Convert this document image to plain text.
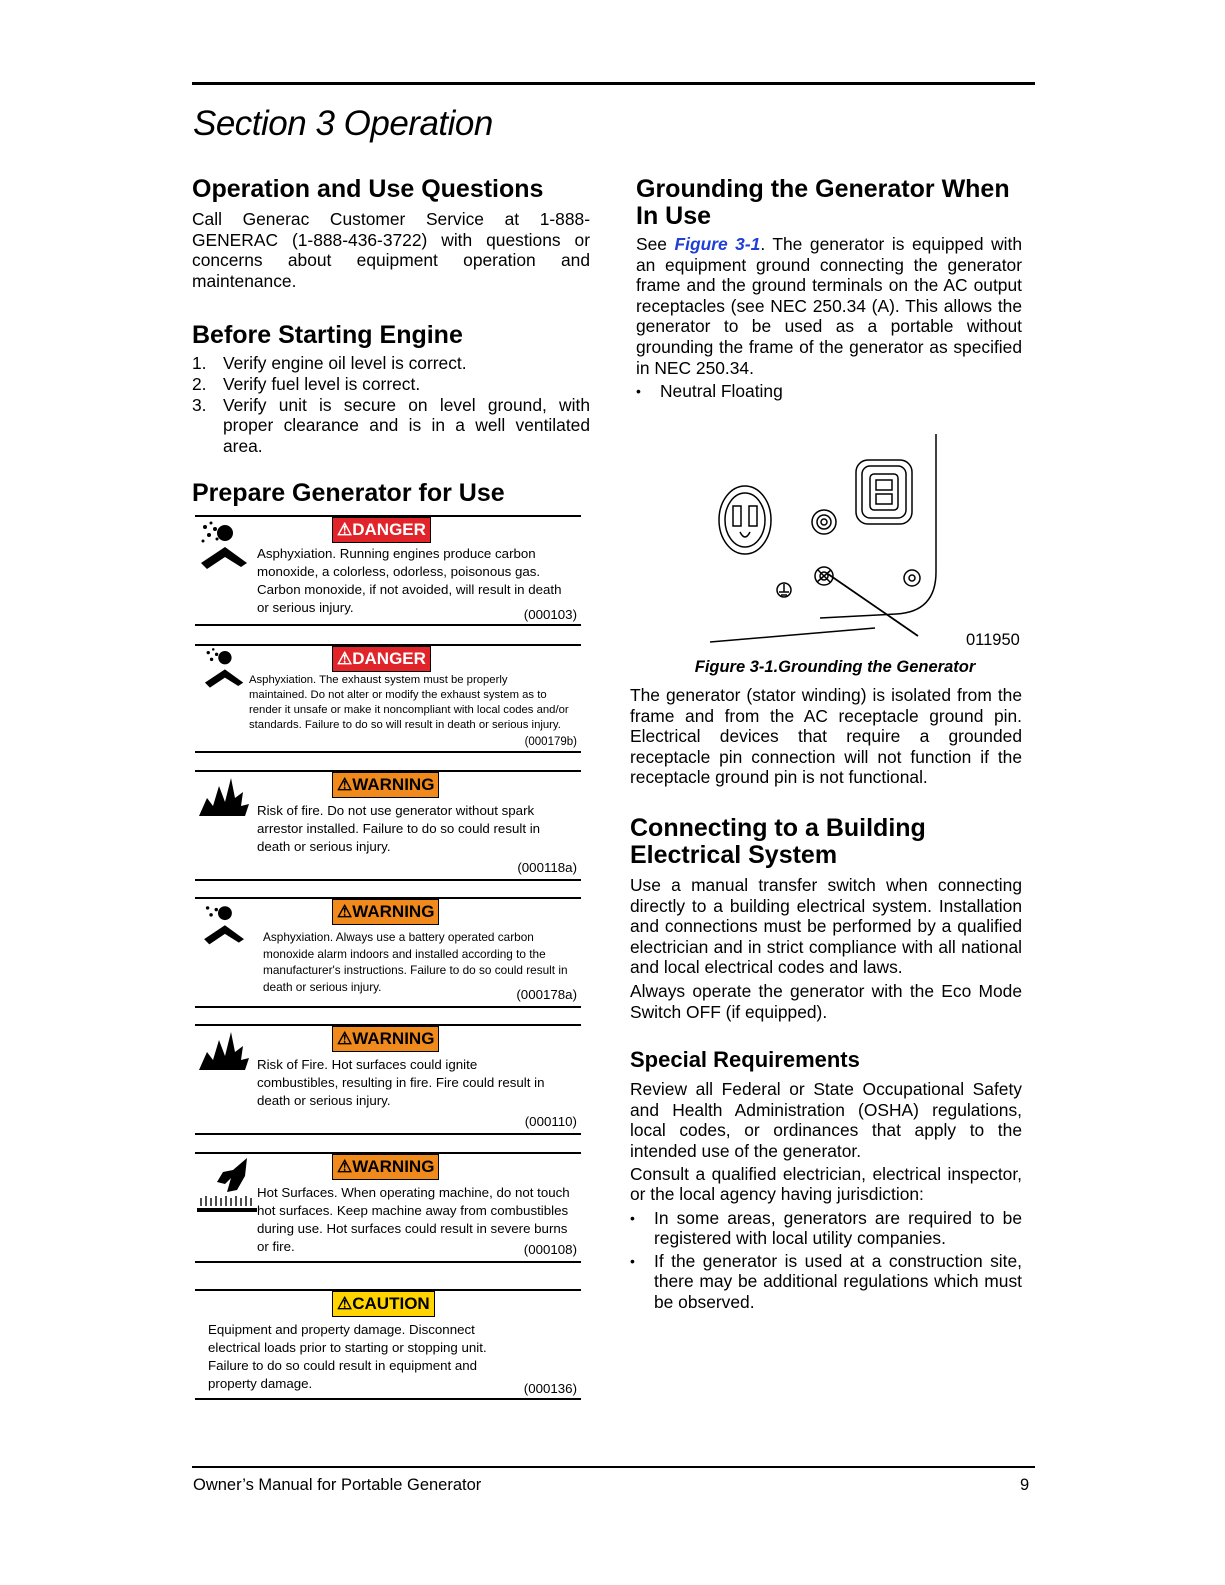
Section 3 Operation
Operation and Use Questions

Call Generac Customer Service at 1-888-GENERAC (1-888-436-3722) with questions or concerns about equipment operation and maintenance.

Before Starting Engine
1. Verify engine oil level is correct.
2. Verify fuel level is correct.
3. Verify unit is secure on level ground, with proper clearance and is in a well ventilated area.
Prepare Generator for Use
⚠DANGER
Asphyxiation. Running engines produce carbon monoxide, a colorless, odorless, poisonous gas. Carbon monoxide, if not avoided, will result in death or serious injury.	(000103)
⚠DANGER
Asphyxiation. The exhaust system must be properly maintained. Do not alter or modify the exhaust system as to render it unsafe or make it noncompliant with local codes and/or standards. Failure to do so will result in death or serious injury.
(000179b)
⚠WARNING
Risk of fire. Do not use generator without spark arrestor installed. Failure to do so could result in death or serious injury.
(000118a)
⚠WARNING
Asphyxiation. Always use a battery operated carbon monoxide alarm indoors and installed according to the manufacturer's instructions. Failure to do so could result in death or serious injury.
(000178a)
⚠WARNING
Risk of Fire. Hot surfaces could ignite combustibles, resulting in fire. Fire could result in death or serious injury.
(000110)
⚠WARNING
Hot Surfaces. When operating machine, do not touch hot surfaces. Keep machine away from combustibles during use. Hot surfaces could result in severe burns or fire.	(000108)
⚠CAUTION
Equipment and property damage. Disconnect electrical loads prior to starting or stopping unit. Failure to do so could result in equipment and property damage.	(000136)
Grounding the Generator When In Use

See Figure 3-1. The generator is equipped with an equipment ground connecting the generator frame and the ground terminals on the AC output receptacles (see NEC 250.34 (A). This allows the generator to be used as a portable without grounding the frame of the generator as specified in NEC 250.34.

• Neutral Floating
011950
Figure 3-1.Grounding the Generator

The generator (stator winding) is isolated from the frame and from the AC receptacle ground pin. Electrical devices that require a grounded receptacle pin connection will not function if the receptacle ground pin is not functional.

Connecting to a Building Electrical System

Use a manual transfer switch when connecting directly to a building electrical system. Installation and connections must be performed by a qualified electrician and in strict compliance with all national and local electrical codes and laws.

Always operate the generator with the Eco Mode Switch OFF (if equipped).

Special Requirements

Review all Federal or State Occupational Safety and Health Administration (OSHA) regulations, local codes, or ordinances that apply to the intended use of the generator.

Consult a qualified electrician, electrical inspector, or the local agency having jurisdiction:

• In some areas, generators are required to be registered with local utility companies.
• If the generator is used at a construction site, there may be additional regulations which must be observed.
Owner’s Manual for Portable Generator	9
